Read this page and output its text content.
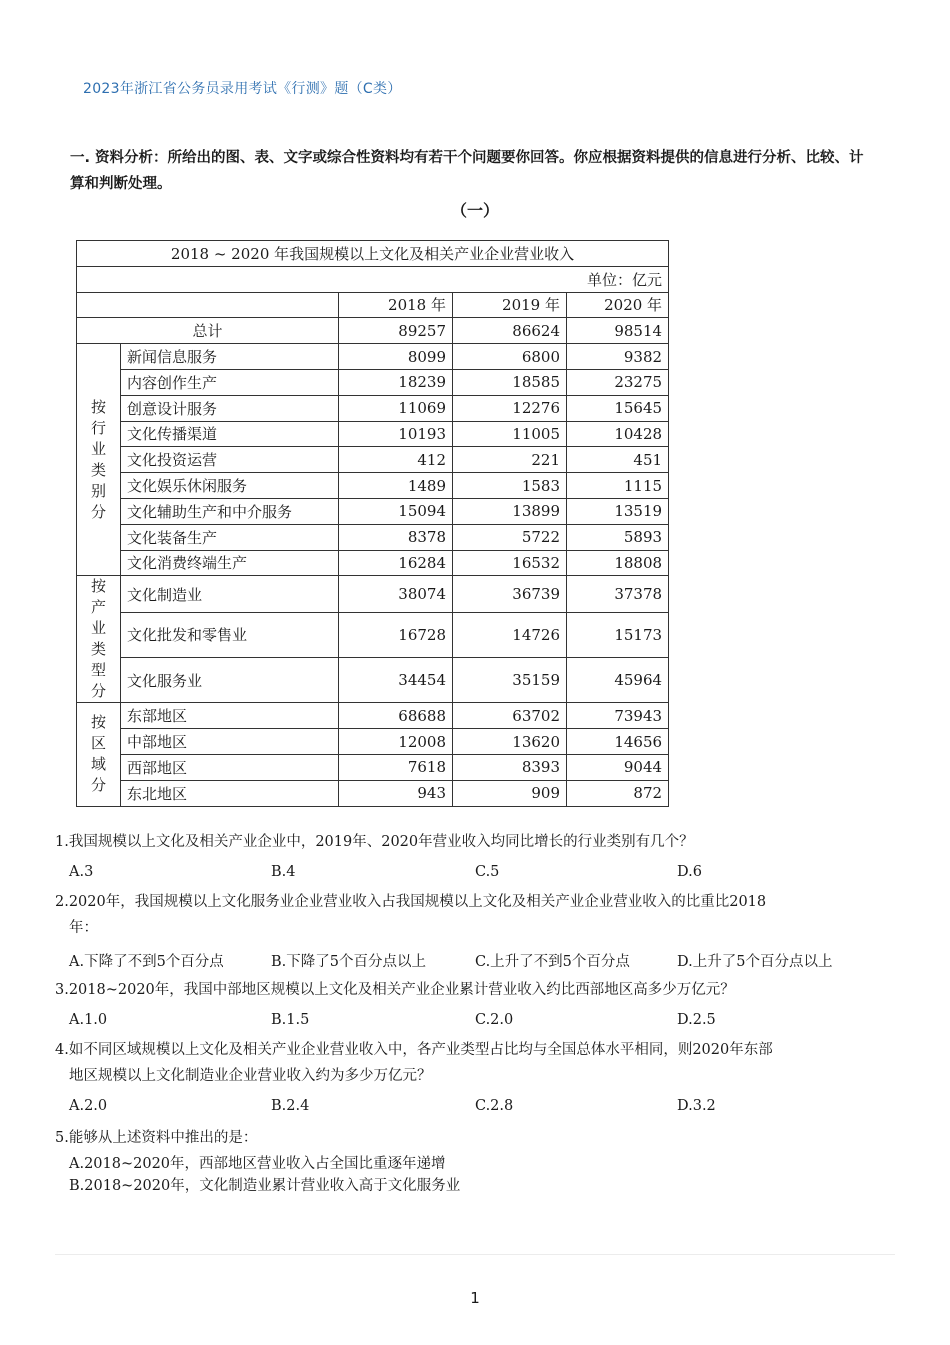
2023年浙江省公务员录用考试《行测》题（C类）
一. 资料分析：所给出的图、表、文字或综合性资料均有若干个问题要你回答。你应根据资料提供的信息进行分析、比较、计算和判断处理。
（一）
2018 ~ 2020 年我国规模以上文化及相关产业企业营业收入				
单位：亿元				
		2018 年	2019 年	2020 年
总计		89257	86624	98514

按行业类别分	新闻信息服务	8099	6800	9382
	内容创作生产	18239	18585	23275
	创意设计服务	11069	12276	15645
	文化传播渠道	10193	11005	10428
	文化投资运营	412	221	451
	文化娱乐休闲服务	1489	1583	1115
	文化辅助生产和中介服务	15094	13899	13519
	文化装备生产	8378	5722	5893
	文化消费终端生产	16284	16532	18808

按产业类型分	文化制造业	38074	36739	37378
	文化批发和零售业	16728	14726	15173
	文化服务业	34454	35159	45964

按区域分	东部地区	68688	63702	73943
	中部地区	12008	13620	14656
	西部地区	7618	8393	9044
	东北地区	943	909	872
1.我国规模以上文化及相关产业企业中，2019年、2020年营业收入均同比增长的行业类别有几个？
A.3	B.4	C.5	D.6
2.2020年，我国规模以上文化服务业企业营业收入占我国规模以上文化及相关产业企业营业收入的比重比2018
年：
A.下降了不到5个百分点	B.下降了5个百分点以上	C.上升了不到5个百分点	D.上升了5个百分点以上
3.2018~2020年，我国中部地区规模以上文化及相关产业企业累计营业收入约比西部地区高多少万亿元？
A.1.0	B.1.5	C.2.0	D.2.5
4.如不同区域规模以上文化及相关产业企业营业收入中，各产业类型占比均与全国总体水平相同，则2020年东部
地区规模以上文化制造业企业营业收入约为多少万亿元？
A.2.0	B.2.4	C.2.8	D.3.2
5.能够从上述资料中推出的是：
A.2018~2020年，西部地区营业收入占全国比重逐年递增
B.2018~2020年，文化制造业累计营业收入高于文化服务业
1
